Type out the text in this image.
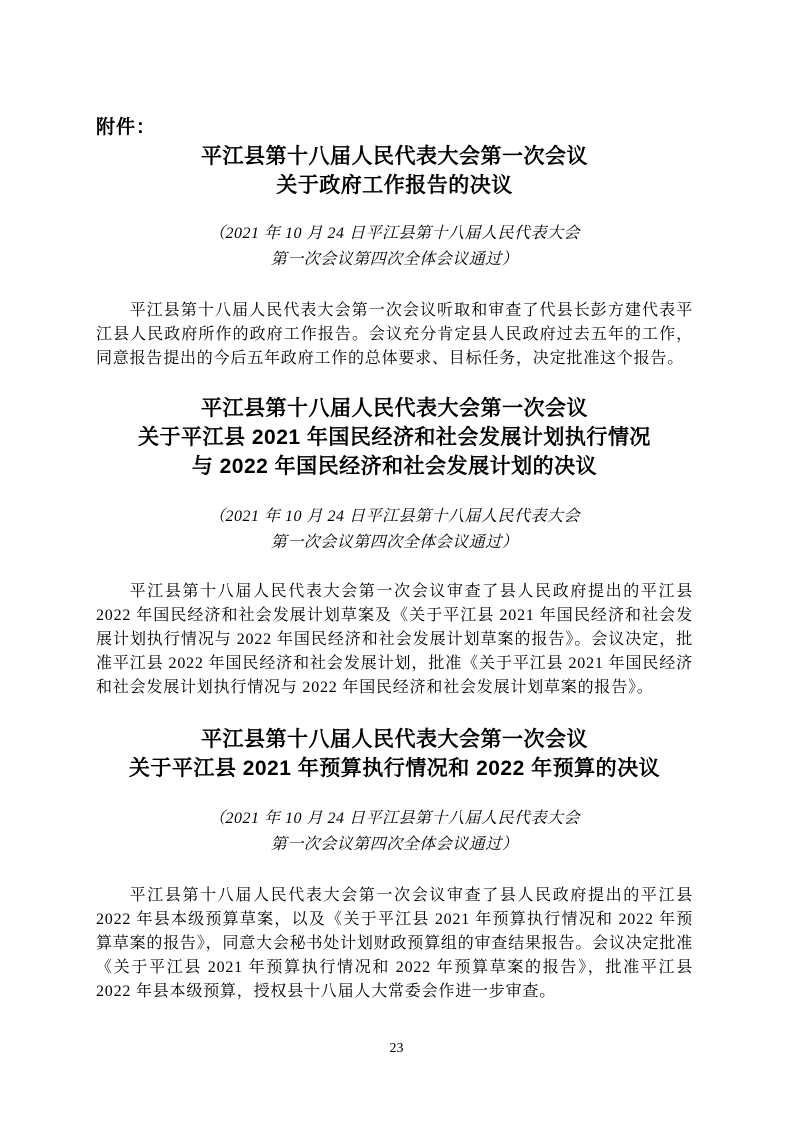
附件：
平江县第十八届人民代表大会第一次会议
关于政府工作报告的决议
（2021 年 10 月 24 日平江县第十八届人民代表大会
第一次会议第四次全体会议通过）

平江县第十八届人民代表大会第一次会议听取和审查了代县长彭方建代表平江县人民政府所作的政府工作报告。会议充分肯定县人民政府过去五年的工作，同意报告提出的今后五年政府工作的总体要求、目标任务，决定批准这个报告。

平江县第十八届人民代表大会第一次会议
关于平江县 2021 年国民经济和社会发展计划执行情况
与 2022 年国民经济和社会发展计划的决议
（2021 年 10 月 24 日平江县第十八届人民代表大会
第一次会议第四次全体会议通过）

平江县第十八届人民代表大会第一次会议审查了县人民政府提出的平江县 2022 年国民经济和社会发展计划草案及《关于平江县 2021 年国民经济和社会发展计划执行情况与 2022 年国民经济和社会发展计划草案的报告》。会议决定，批准平江县 2022 年国民经济和社会发展计划，批准《关于平江县 2021 年国民经济和社会发展计划执行情况与 2022 年国民经济和社会发展计划草案的报告》。

平江县第十八届人民代表大会第一次会议
关于平江县 2021 年预算执行情况和 2022 年预算的决议
（2021 年 10 月 24 日平江县第十八届人民代表大会
第一次会议第四次全体会议通过）

平江县第十八届人民代表大会第一次会议审查了县人民政府提出的平江县 2022 年县本级预算草案，以及《关于平江县 2021 年预算执行情况和 2022 年预算草案的报告》，同意大会秘书处计划财政预算组的审查结果报告。会议决定批准《关于平江县 2021 年预算执行情况和 2022 年预算草案的报告》，批准平江县 2022 年县本级预算，授权县十八届人大常委会作进一步审查。

23
